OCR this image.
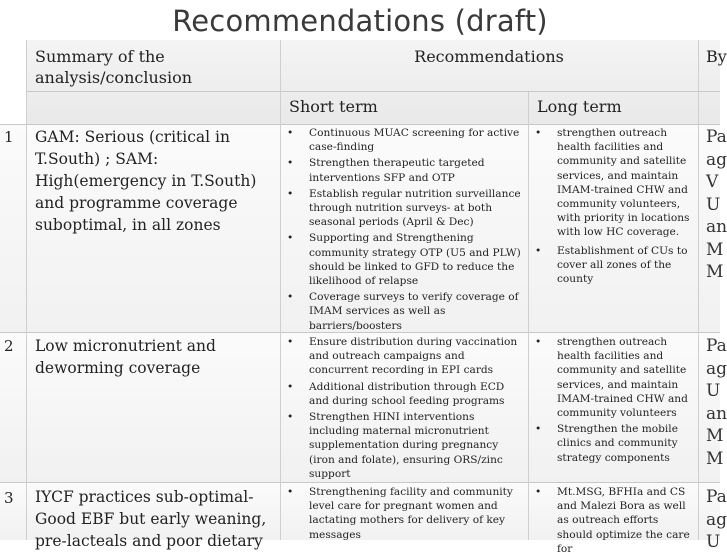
Recommendations (draft)
Summary of the analysis/conclusion
Recommendations	By
Short term	Long term
1 GAM: Serious (critical in T.South) ; SAM: High(emergency in T.South) and programme coverage suboptimal, in all zones
• Continuous MUAC screening for active case-finding
• Strengthen therapeutic targeted interventions SFP and OTP
• Establish regular nutrition surveillance through nutrition surveys- at both seasonal periods (April & Dec)
• Supporting and Strengthening community strategy OTP (U5 and PLW) should be linked to GFD to reduce the likelihood of relapse
• Coverage surveys to verify coverage of IMAM services as well as barriers/boosters
• strengthen outreach health facilities and community and satellite services, and maintain IMAM-trained CHW and community volunteers, with priority in locations with low HC coverage.
• Establishment of CUs to cover all zones of the county
Pa
ag
V
U
an
M
M
2 Low micronutrient and deworming coverage
• Ensure distribution during vaccination and outreach campaigns and concurrent recording in EPI cards
• Additional distribution through ECD and during school feeding programs
• Strengthen HINI interventions including maternal micronutrient supplementation during pregnancy (iron and folate), ensuring ORS/zinc support
• strengthen outreach health facilities and community and satellite services, and maintain IMAM-trained CHW and community volunteers
• Strengthen the mobile clinics and community strategy components
Pa
ag
U
an
M
M
3 IYCF practices sub-optimal- Good EBF but early weaning, pre-lacteals and poor dietary
• Strengthening facility and community level care for pregnant women and lactating mothers for delivery of key messages
• Mt.MSG, BFHIa and CS and Malezi Bora as well as outreach efforts should optimize the care for
Pa
ag
U
